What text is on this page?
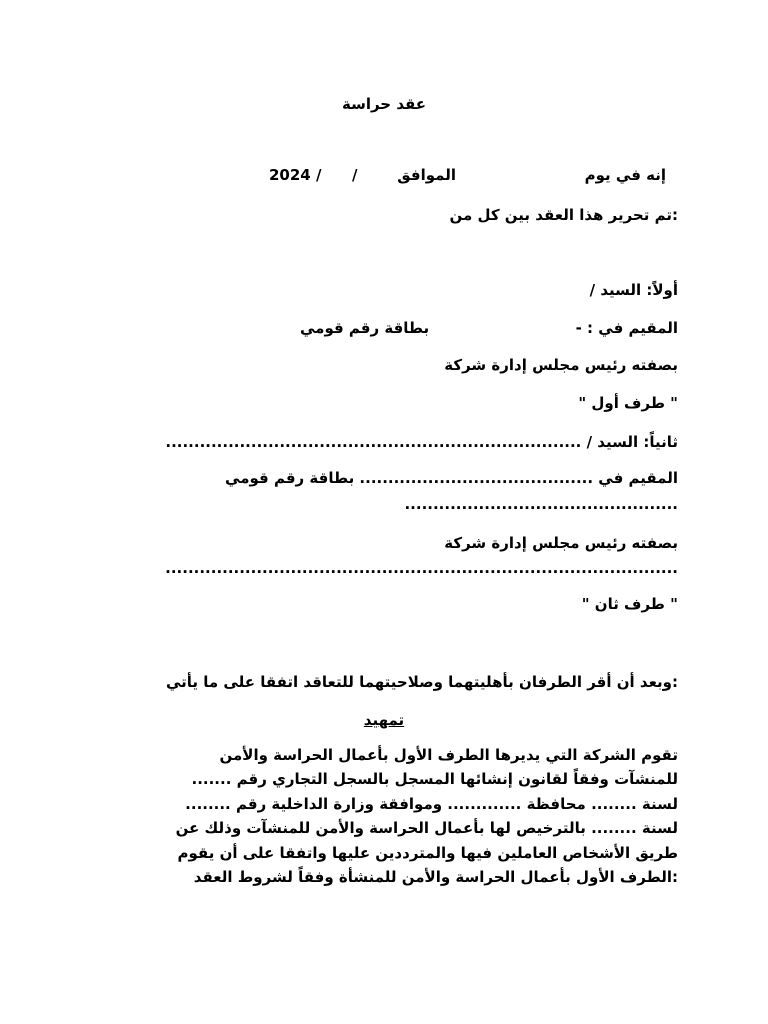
عقد حراسة
إنه في يوم
الموافق
/
2024 /
تم تحرير هذا العقد بين كل من:
/ أولاً: السيد
- : المقيم في
بطاقة رقم قومي
بصفته رئيس مجلس إدارة شركة
" طرف أول "
......................................................................... / ثانياً: السيد
المقيم في ......................................... بطاقة رقم قومي
................................................
بصفته رئيس مجلس إدارة شركة
..........................................................................................
" طرف ثان "
وبعد أن أقر الطرفان بأهليتهما وصلاحيتهما للتعاقد اتفقا على ما يأتي:
تمهيد
تقوم الشركة التي يديرها الطرف الأول بأعمال الحراسة والأمن
للمنشآت وفقاً لقانون إنشائها المسجل بالسجل التجاري رقم .......
لسنة ........ محافظة ............. وموافقة وزارة الداخلية رقم ........
لسنة ........ بالترخيص لها بأعمال الحراسة والأمن للمنشآت وذلك عن
طريق الأشخاص العاملين فيها والمترددين عليها واتفقا على أن يقوم
الطرف الأول بأعمال الحراسة والأمن للمنشأة وفقاً لشروط العقد:
